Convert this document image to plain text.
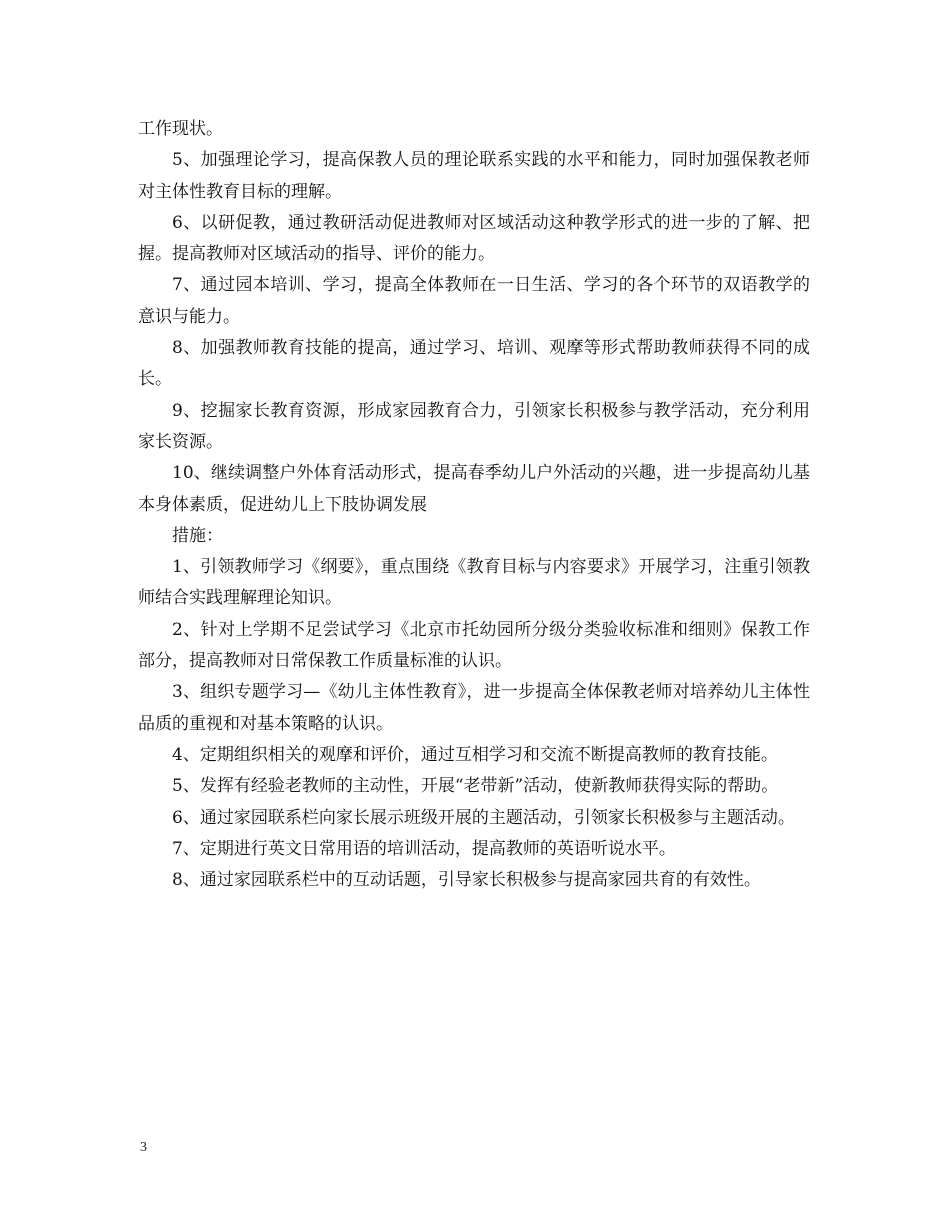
工作现状。

5、加强理论学习，提高保教人员的理论联系实践的水平和能力，同时加强保教老师对主体性教育目标的理解。

6、以研促教，通过教研活动促进教师对区域活动这种教学形式的进一步的了解、把握。提高教师对区域活动的指导、评价的能力。

7、通过园本培训、学习，提高全体教师在一日生活、学习的各个环节的双语教学的意识与能力。

8、加强教师教育技能的提高，通过学习、培训、观摩等形式帮助教师获得不同的成长。

9、挖掘家长教育资源，形成家园教育合力，引领家长积极参与教学活动，充分利用家长资源。

10、继续调整户外体育活动形式，提高春季幼儿户外活动的兴趣，进一步提高幼儿基本身体素质，促进幼儿上下肢协调发展

措施：

1、引领教师学习《纲要》，重点围绕《教育目标与内容要求》开展学习，注重引领教师结合实践理解理论知识。

2、针对上学期不足尝试学习《北京市托幼园所分级分类验收标准和细则》保教工作部分，提高教师对日常保教工作质量标准的认识。

3、组织专题学习—《幼儿主体性教育》，进一步提高全体保教老师对培养幼儿主体性品质的重视和对基本策略的认识。

4、定期组织相关的观摩和评价，通过互相学习和交流不断提高教师的教育技能。

5、发挥有经验老教师的主动性，开展“老带新”活动，使新教师获得实际的帮助。

6、通过家园联系栏向家长展示班级开展的主题活动，引领家长积极参与主题活动。

7、定期进行英文日常用语的培训活动，提高教师的英语听说水平。

8、通过家园联系栏中的互动话题，引导家长积极参与提高家园共育的有效性。

3
